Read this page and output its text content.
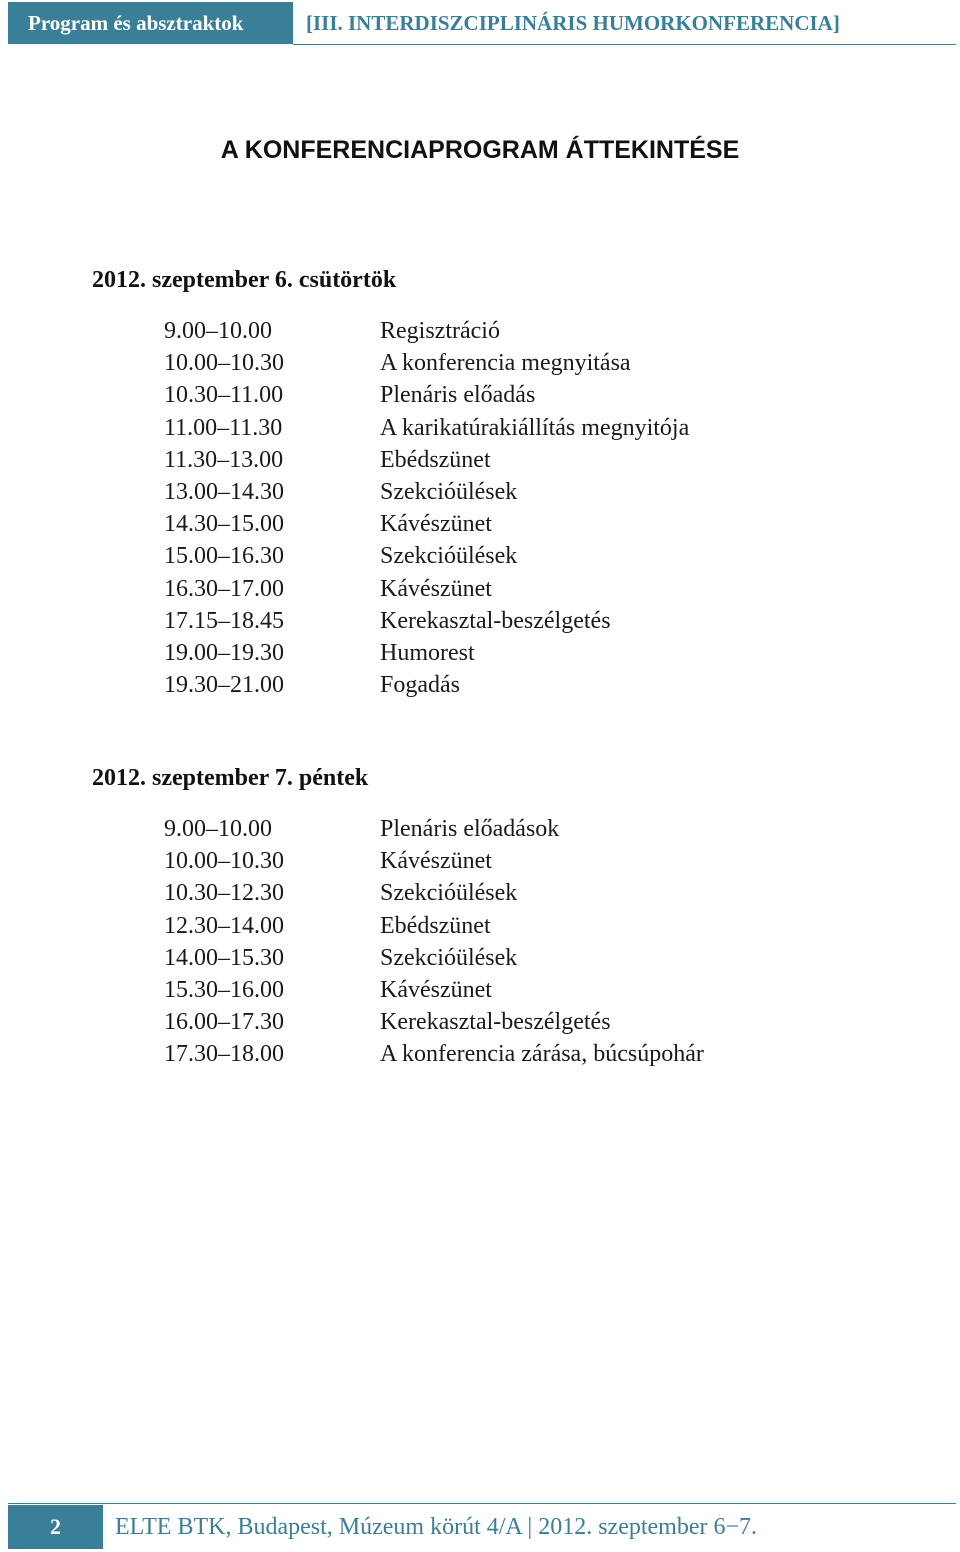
Program és absztraktok	[III. INTERDISZCIPLINÁRIS HUMORKONFERENCIA]
A KONFERENCIAPROGRAM ÁTTEKINTÉSE
2012. szeptember 6. csütörtök
9.00–10.00	Regisztráció
10.00–10.30	A konferencia megnyitása
10.30–11.00	Plenáris előadás
11.00–11.30	A karikatúrakiállítás megnyitója
11.30–13.00	Ebédszünet
13.00–14.30	Szekcióülések
14.30–15.00	Kávészünet
15.00–16.30	Szekcióülések
16.30–17.00	Kávészünet
17.15–18.45	Kerekasztal-beszélgetés
19.00–19.30	Humorest
19.30–21.00	Fogadás
2012. szeptember 7. péntek
9.00–10.00	Plenáris előadások
10.00–10.30	Kávészünet
10.30–12.30	Szekcióülések
12.30–14.00	Ebédszünet
14.00–15.30	Szekcióülések
15.30–16.00	Kávészünet
16.00–17.30	Kerekasztal-beszélgetés
17.30–18.00	A konferencia zárása, búcsúpohár
2	ELTE BTK, Budapest, Múzeum körút 4/A | 2012. szeptember 6−7.
